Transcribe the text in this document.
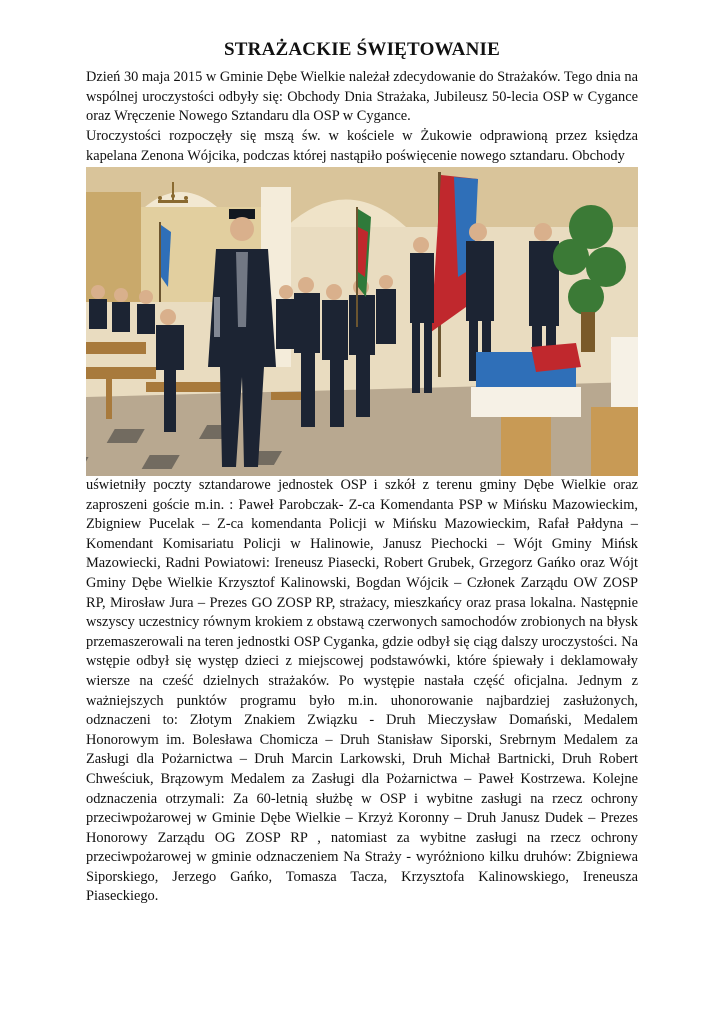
STRAŻACKIE ŚWIĘTOWANIE

Dzień 30 maja 2015 w Gminie Dębe Wielkie należał zdecydowanie do Strażaków. Tego dnia na wspólnej uroczystości odbyły się: Obchody Dnia Strażaka, Jubileusz 50-lecia OSP w Cygance oraz Wręczenie Nowego Sztandaru dla OSP w Cygance.

Uroczystości rozpoczęły się mszą św. w kościele w Żukowie odprawioną przez księdza kapelana Zenona Wójcika, podczas której nastąpiło poświęcenie nowego sztandaru. Obchody

uświetniły poczty sztandarowe jednostek OSP i szkół z terenu gminy Dębe Wielkie oraz zaproszeni goście m.in. : Paweł Parobczak- Z-ca Komendanta PSP w Mińsku Mazowieckim, Zbigniew Pucelak – Z-ca komendanta Policji w Mińsku Mazowieckim, Rafał Pałdyna – Komendant Komisariatu Policji w Halinowie, Janusz Piechocki – Wójt Gminy Mińsk Mazowiecki, Radni Powiatowi: Ireneusz Piasecki, Robert Grubek, Grzegorz Gańko oraz Wójt Gminy Dębe Wielkie Krzysztof Kalinowski, Bogdan Wójcik – Członek Zarządu OW ZOSP RP, Mirosław Jura – Prezes GO ZOSP RP, strażacy, mieszkańcy oraz prasa lokalna. Następnie wszyscy uczestnicy równym krokiem z obstawą czerwonych samochodów zrobionych na błysk przemaszerowali na teren jednostki OSP Cyganka, gdzie odbył się ciąg dalszy uroczystości. Na wstępie odbył się występ dzieci z miejscowej podstawówki, które śpiewały i deklamowały wiersze na cześć dzielnych strażaków. Po występie nastała część oficjalna. Jednym z ważniejszych punktów programu było m.in. uhonorowanie najbardziej zasłużonych, odznaczeni to: Złotym Znakiem Związku - Druh Mieczysław Domański, Medalem Honorowym im. Bolesława Chomicza – Druh Stanisław Siporski, Srebrnym Medalem za Zasługi dla Pożarnictwa – Druh Marcin Larkowski, Druh Michał Bartnicki, Druh Robert Chweściuk, Brązowym Medalem za Zasługi dla Pożarnictwa – Paweł Kostrzewa. Kolejne odznaczenia otrzymali: Za 60-letnią służbę w OSP i wybitne zasługi na rzecz ochrony przeciwpożarowej w Gminie Dębe Wielkie – Krzyż Koronny – Druh Janusz Dudek – Prezes Honorowy Zarządu OG ZOSP RP , natomiast za wybitne zasługi na rzecz ochrony przeciwpożarowej w gminie odznaczeniem Na Straży - wyróżniono kilku druhów: Zbigniewa Siporskiego, Jerzego Gańko, Tomasza Tacza, Krzysztofa Kalinowskiego, Ireneusza Piaseckiego.
